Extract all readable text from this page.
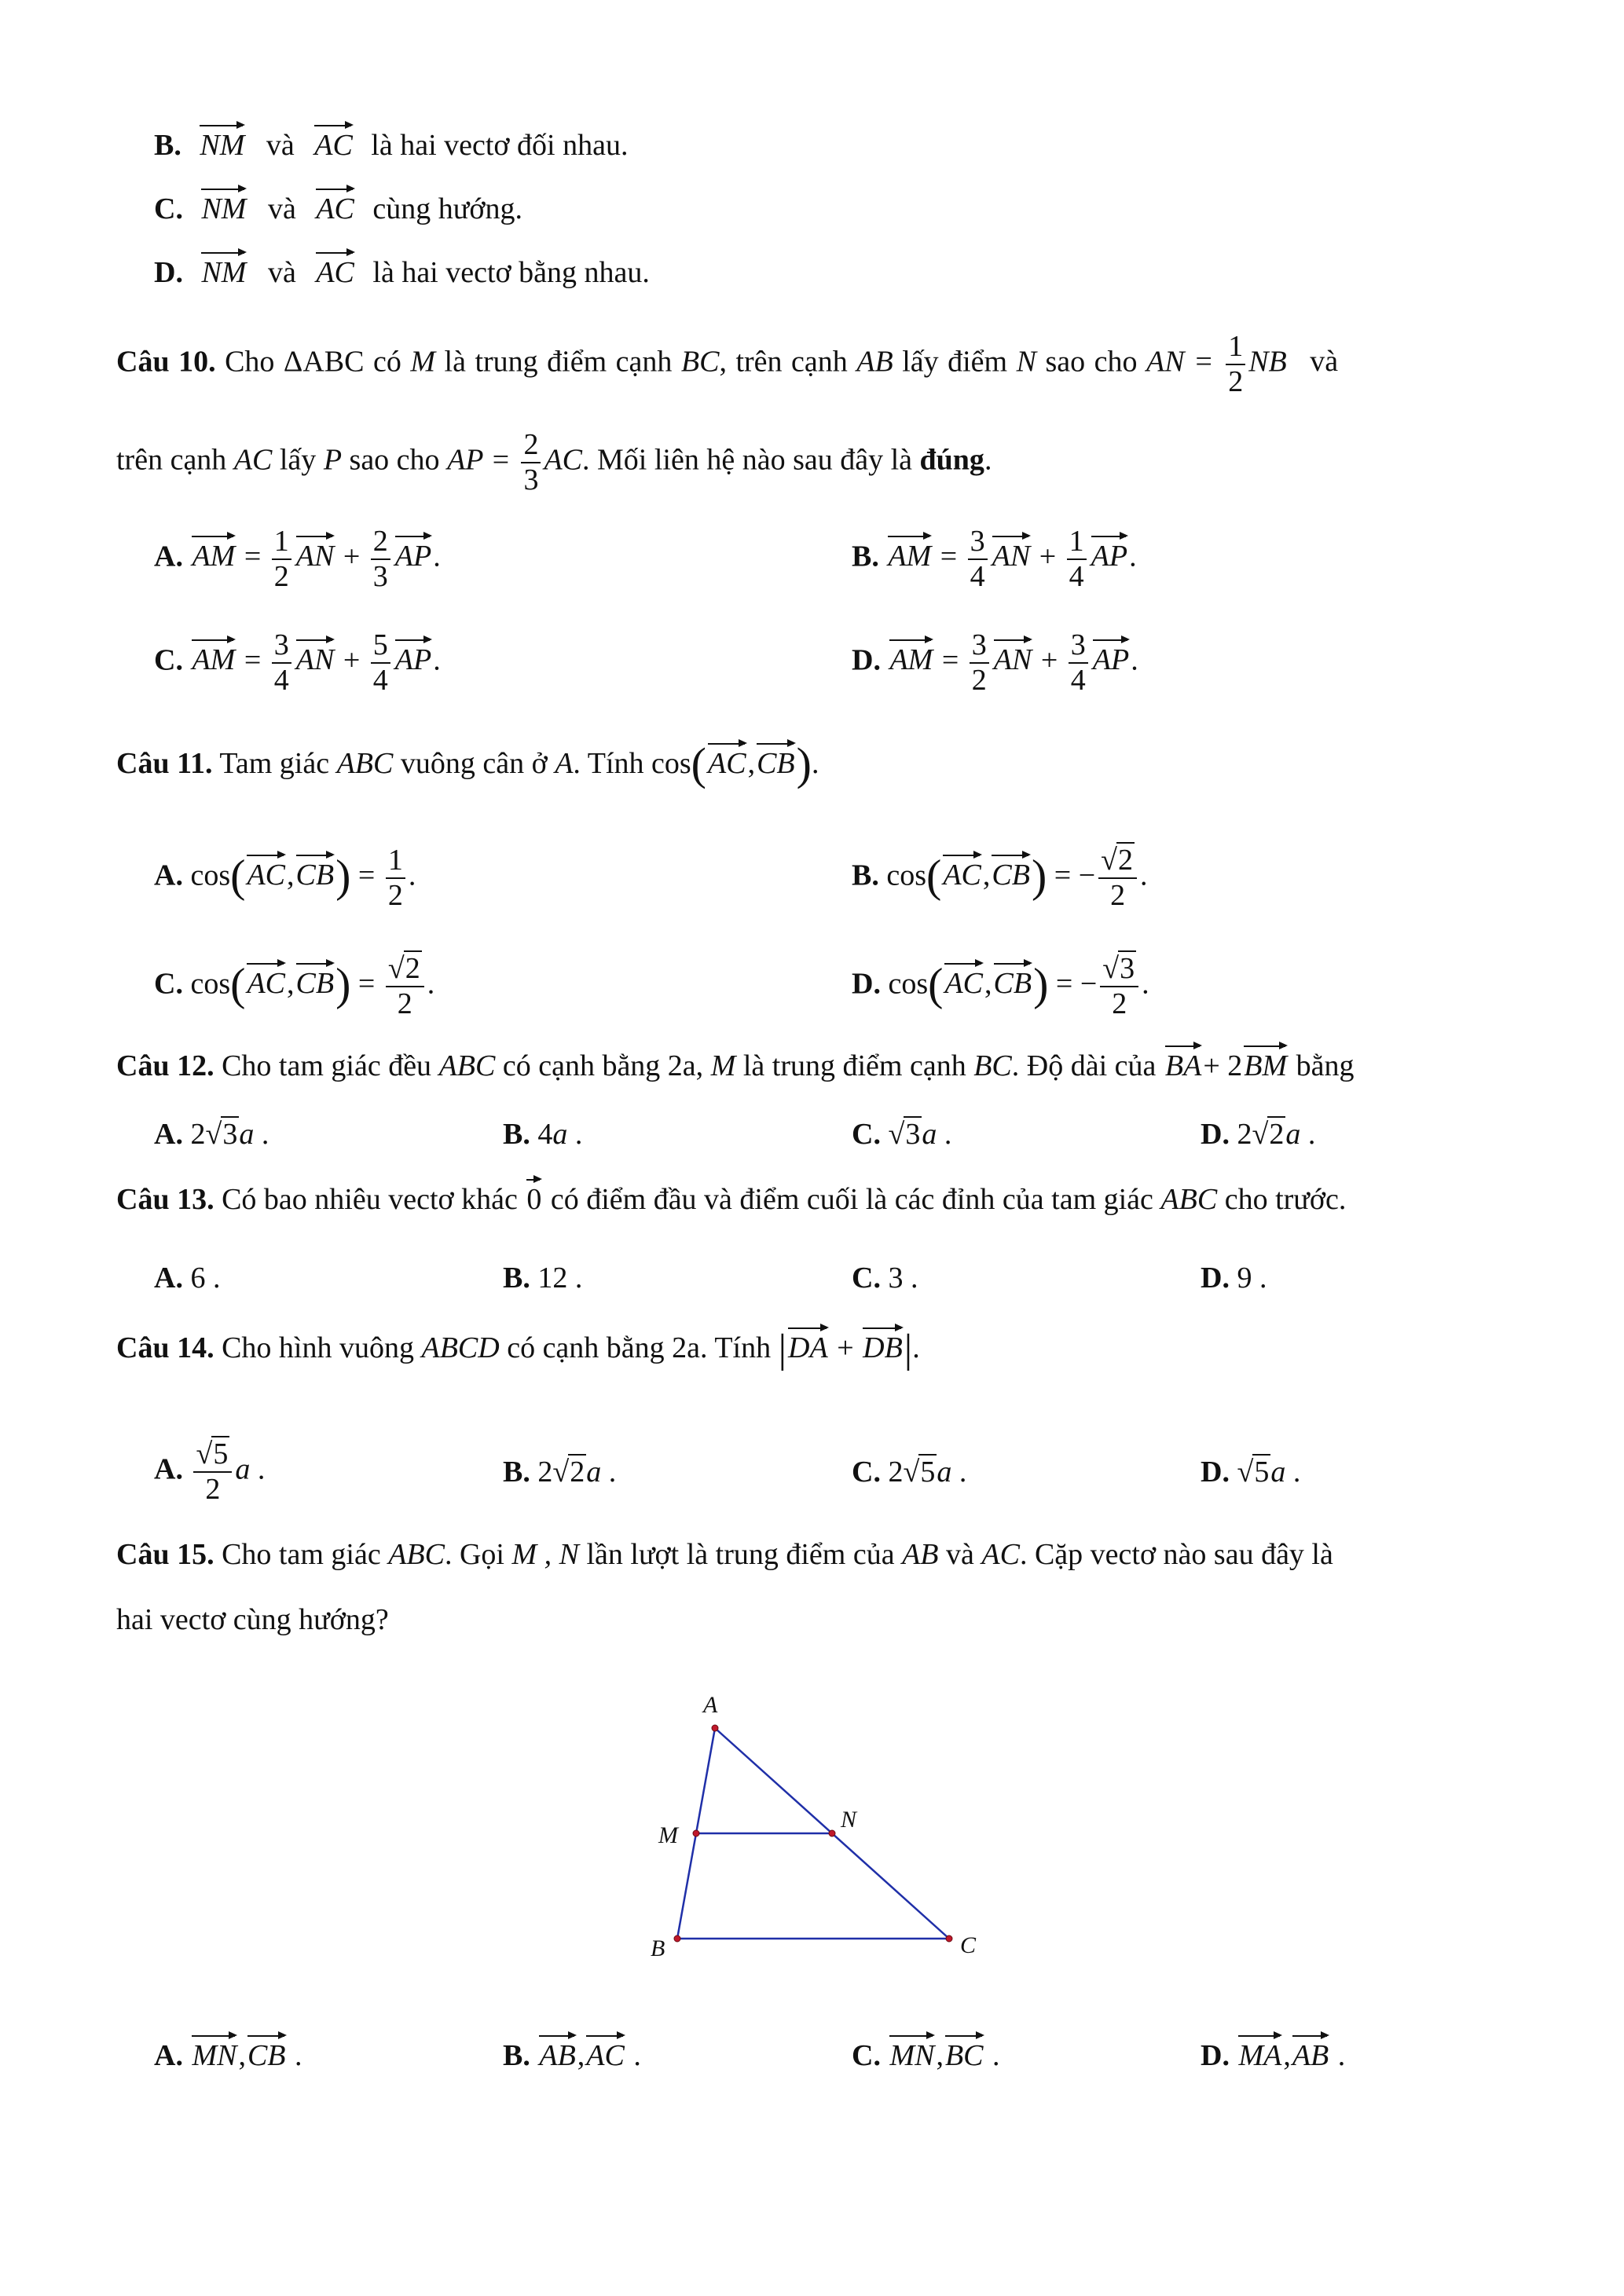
B. NM và AC là hai vectơ đối nhau.
C. NM và AC cùng hướng.
D. NM và AC là hai vectơ bằng nhau.
Câu 10. Cho ΔABC có M là trung điểm cạnh BC, trên cạnh AB lấy điểm N sao cho AN = $\frac{1}{2}$ NB và
trên cạnh AC lấy P sao cho AP = $\frac{2}{3}$ AC. Mối liên hệ nào sau đây là đúng.
A. AM = $\frac{1}{2}$ AN + $\frac{2}{3}$ AP.	B. AM = $\frac{3}{4}$ AN + $\frac{1}{4}$ AP.
C. AM = $\frac{3}{4}$ AN + $\frac{5}{4}$ AP.	D. AM = $\frac{3}{2}$ AN + $\frac{3}{4}$ AP.
Câu 11. Tam giác ABC vuông cân ở A. Tính cos(AC,CB).
A. $\cos(AC,CB) = \frac{1}{2}$ .	B. cos(AC,CB) = − $\frac{√2}{2}$ .
C. $\cos(AC,CB) = \frac{√2}{2}$ .	D. cos(AC,CB) = − $\frac{√3}{2}$ .
Câu 12. Cho tam giác đều ABC có cạnh bằng 2a, M là trung điểm cạnh BC. Độ dài của BA+ 2BM bằng
A. 2√3a .	B. 4a .	C. √3a .	D. 2√2a .
Câu 13. Có bao nhiêu vectơ khác 0 có điểm đầu và điểm cuối là các đỉnh của tam giác ABC cho trước.
A. 6 .	B. 12 .	C. 3 .	D. 9 .
Câu 14. Cho hình vuông ABCD có cạnh bằng 2a. Tính |DA + DB|.
A. $\frac{√5}{2}$ a .	B. 2√2a .	C. 2√5a .	D. √5a .
Câu 15. Cho tam giác ABC. Gọi M , N lần lượt là trung điểm của AB và AC. Cặp vectơ nào sau đây là
hai vectơ cùng hướng?
A
M
N
B	C
A. MN,CB .	B. AB,AC .	C. MN,BC .	D. MA,AB .
